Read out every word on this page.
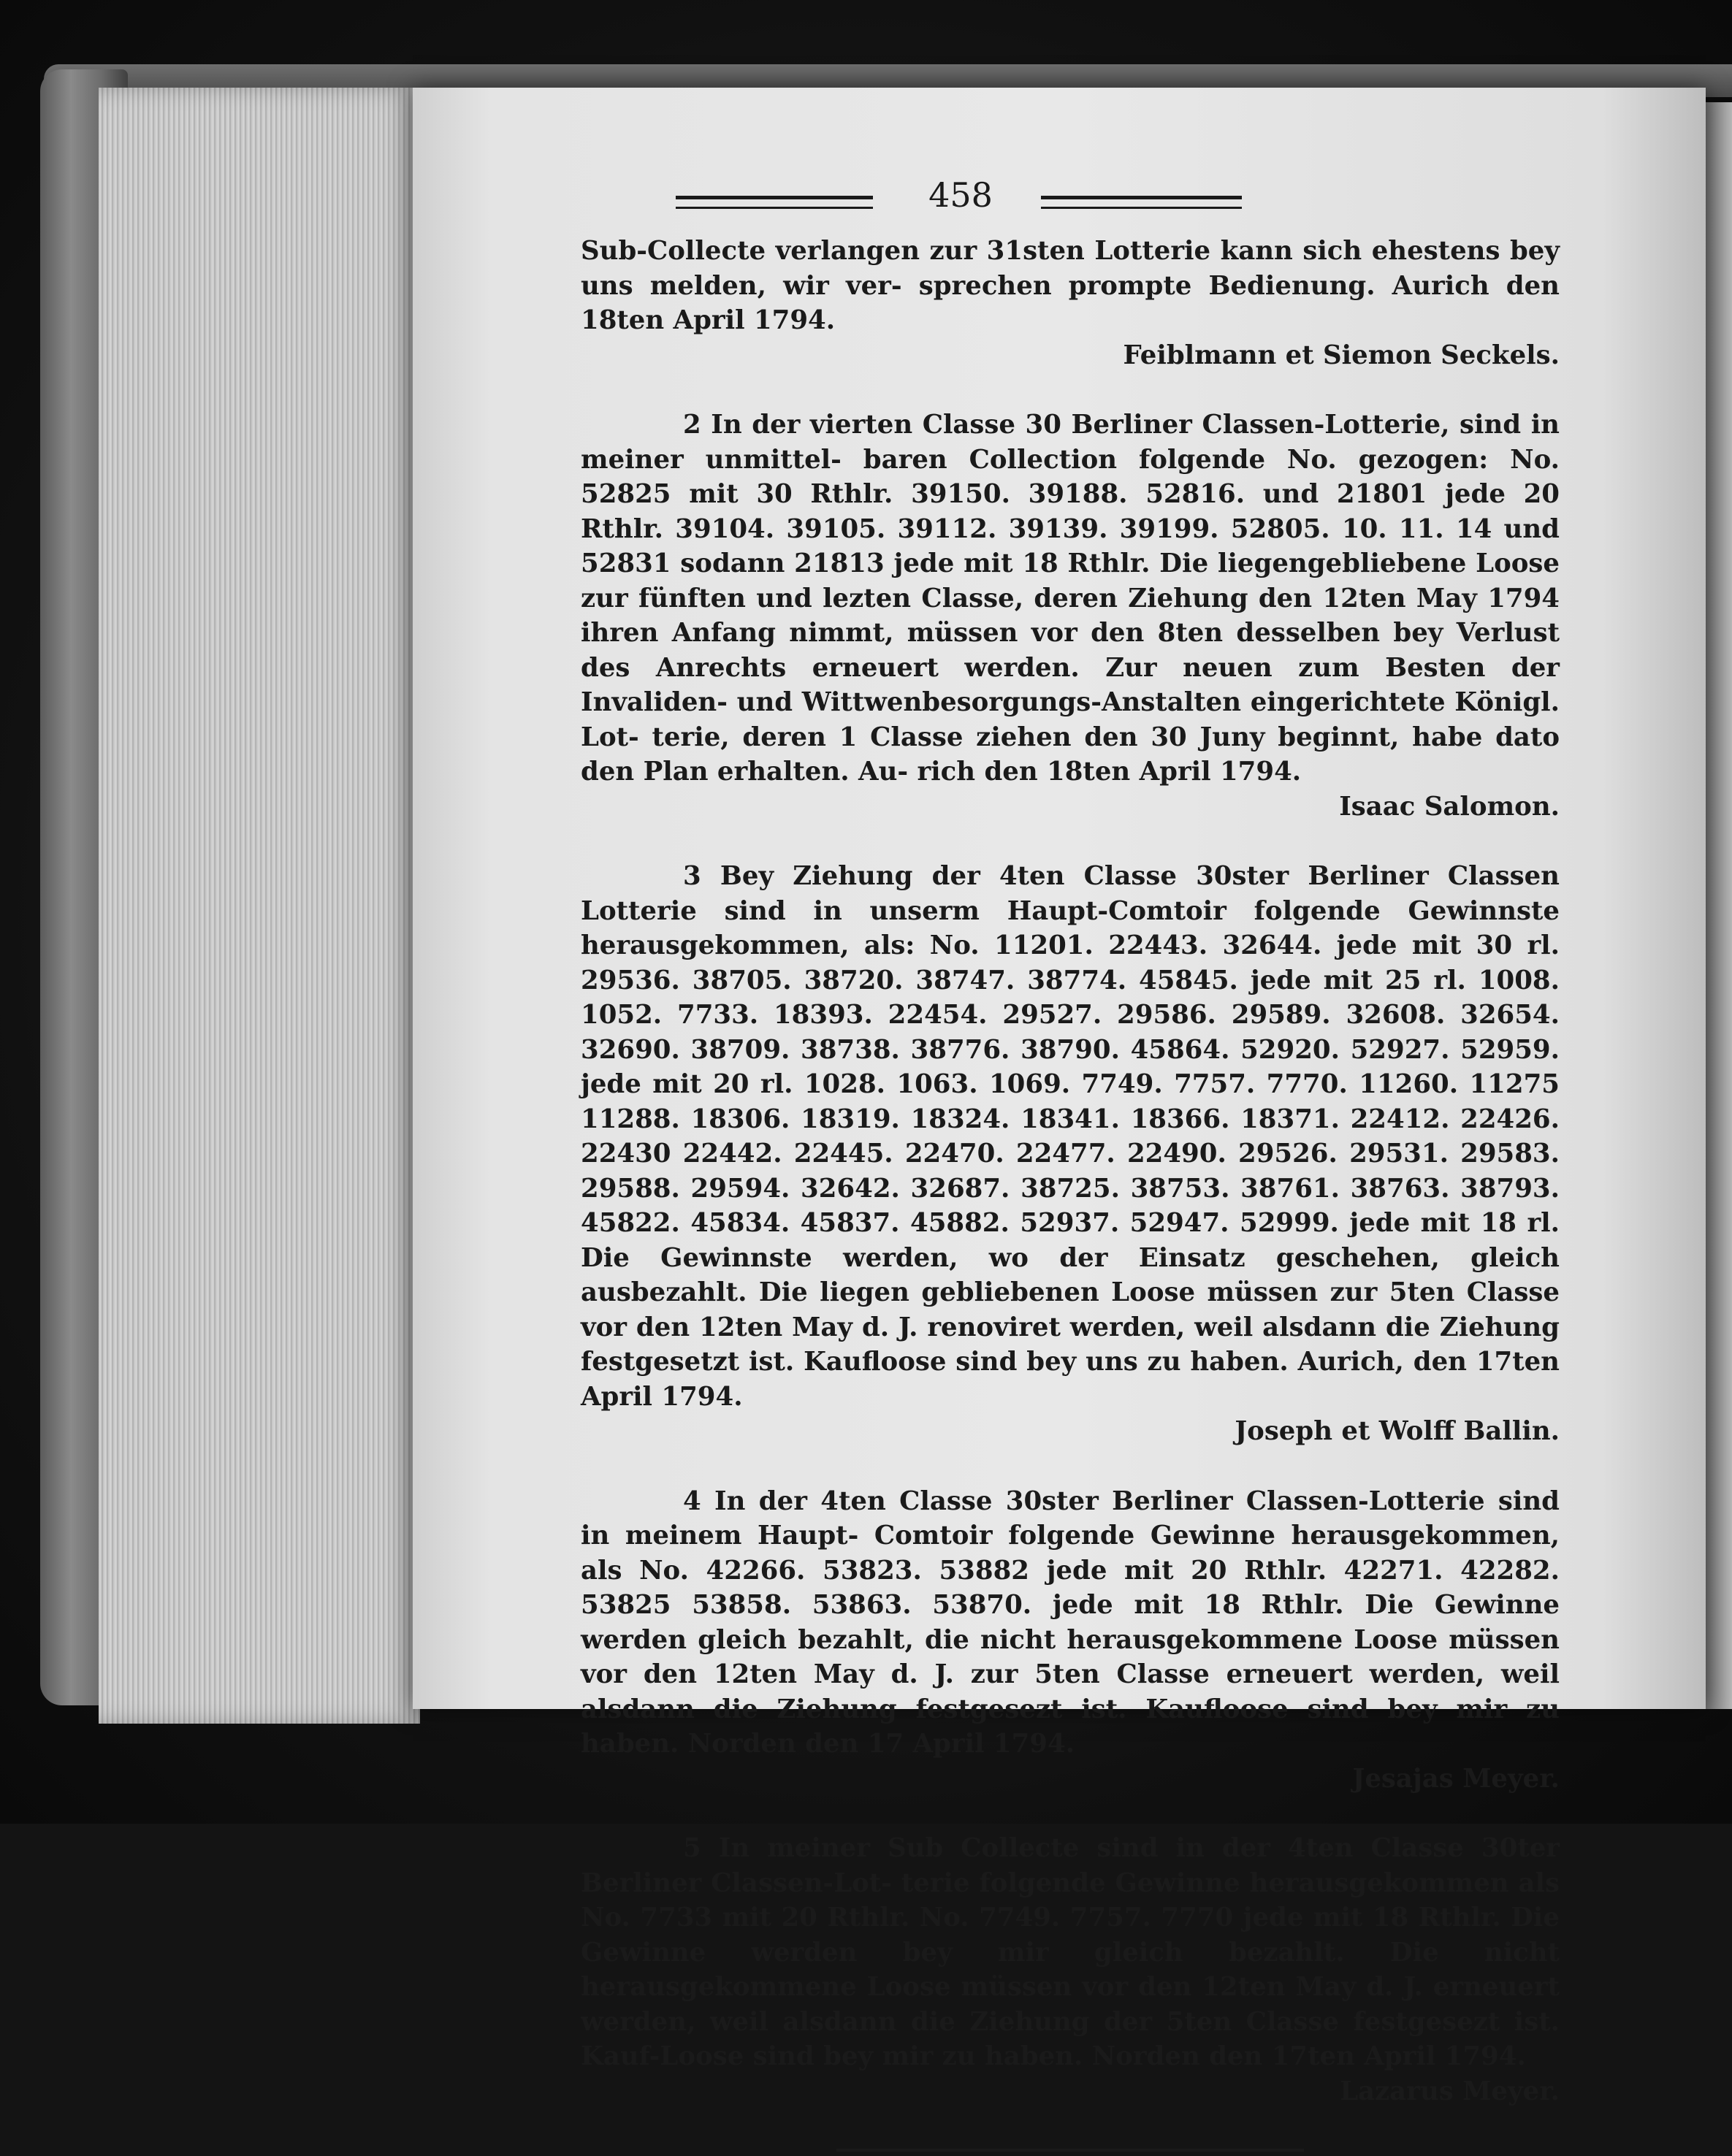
458

Sub-Collecte verlangen zur 31sten Lotterie kann sich ehestens bey uns melden, wir ver- sprechen prompte Bedienung. Aurich den 18ten April 1794.

Feiblmann et Siemon Seckels.

2 In der vierten Classe 30 Berliner Classen-Lotterie, sind in meiner unmittel- baren Collection folgende No. gezogen: No. 52825 mit 30 Rthlr. 39150. 39188. 52816. und 21801 jede 20 Rthlr. 39104. 39105. 39112. 39139. 39199. 52805. 10. 11. 14 und 52831 sodann 21813 jede mit 18 Rthlr. Die liegengebliebene Loose zur fünften und lezten Classe, deren Ziehung den 12ten May 1794 ihren Anfang nimmt, müssen vor den 8ten desselben bey Verlust des Anrechts erneuert werden. Zur neuen zum Besten der Invaliden- und Wittwenbesorgungs-Anstalten eingerichtete Königl. Lot- terie, deren 1 Classe ziehen den 30 Juny beginnt, habe dato den Plan erhalten. Au- rich den 18ten April 1794.

Isaac Salomon.

3 Bey Ziehung der 4ten Classe 30ster Berliner Classen Lotterie sind in unserm Haupt-Comtoir folgende Gewinnste herausgekommen, als: No. 11201. 22443. 32644. jede mit 30 rl. 29536. 38705. 38720. 38747. 38774. 45845. jede mit 25 rl. 1008. 1052. 7733. 18393. 22454. 29527. 29586. 29589. 32608. 32654. 32690. 38709. 38738. 38776. 38790. 45864. 52920. 52927. 52959. jede mit 20 rl. 1028. 1063. 1069. 7749. 7757. 7770. 11260. 11275 11288. 18306. 18319. 18324. 18341. 18366. 18371. 22412. 22426. 22430 22442. 22445. 22470. 22477. 22490. 29526. 29531. 29583. 29588. 29594. 32642. 32687. 38725. 38753. 38761. 38763. 38793. 45822. 45834. 45837. 45882. 52937. 52947. 52999. jede mit 18 rl. Die Gewinnste werden, wo der Einsatz geschehen, gleich ausbezahlt. Die liegen gebliebenen Loose müssen zur 5ten Classe vor den 12ten May d. J. renoviret werden, weil alsdann die Ziehung festgesetzt ist. Kaufloose sind bey uns zu haben. Aurich, den 17ten April 1794.

Joseph et Wolff Ballin.

4 In der 4ten Classe 30ster Berliner Classen-Lotterie sind in meinem Haupt- Comtoir folgende Gewinne herausgekommen, als No. 42266. 53823. 53882 jede mit 20 Rthlr. 42271. 42282. 53825 53858. 53863. 53870. jede mit 18 Rthlr. Die Gewinne werden gleich bezahlt, die nicht herausgekommene Loose müssen vor den 12ten May d. J. zur 5ten Classe erneuert werden, weil alsdann die Ziehung festgesezt ist. Kaufloose sind bey mir zu haben. Norden den 17 April 1794.

Jesajas Meyer.

5 In meiner Sub Collecte sind in der 4ten Classe 30ter Berliner Classen-Lot- terie folgende Gewinne herausgekommen als No. 7733 mit 20 Rthlr. No. 7749. 7757. 7770 jede mit 18 Rthlr. Die Gewinne werden bey mir gleich bezahlt. Die nicht herausgekommene Loose müssen vor den 12ten May d. J. erneuert werden, weil alsdann die Ziehung der 5ten Classe festgesezt ist. Kauf-Loose sind bey mir zu haben. Norden den 17ten April 1794.

Lazarus Meyer.
